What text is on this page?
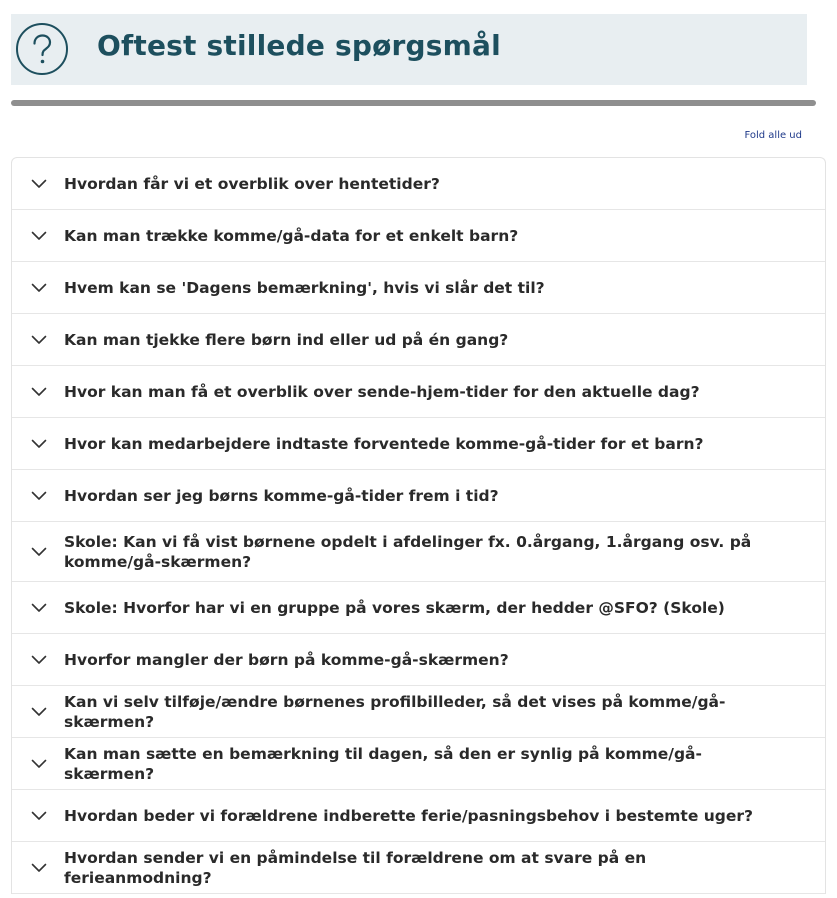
Oftest stillede spørgsmål
Fold alle ud
Hvordan får vi et overblik over hentetider?
Kan man trække komme/gå-data for et enkelt barn?
Hvem kan se 'Dagens bemærkning', hvis vi slår det til?
Kan man tjekke flere børn ind eller ud på én gang?
Hvor kan man få et overblik over sende-hjem-tider for den aktuelle dag?
Hvor kan medarbejdere indtaste forventede komme-gå-tider for et barn?
Hvordan ser jeg børns komme-gå-tider frem i tid?
Skole: Kan vi få vist børnene opdelt i afdelinger fx. 0.årgang, 1.årgang osv. på komme/gå-skærmen?
Skole: Hvorfor har vi en gruppe på vores skærm, der hedder @SFO? (Skole)
Hvorfor mangler der børn på komme-gå-skærmen?
Kan vi selv tilføje/ændre børnenes profilbilleder, så det vises på komme/gå-skærmen?
Kan man sætte en bemærkning til dagen, så den er synlig på komme/gå-skærmen?
Hvordan beder vi forældrene indberette ferie/pasningsbehov i bestemte uger?
Hvordan sender vi en påmindelse til forældrene om at svare på en ferieanmodning?
